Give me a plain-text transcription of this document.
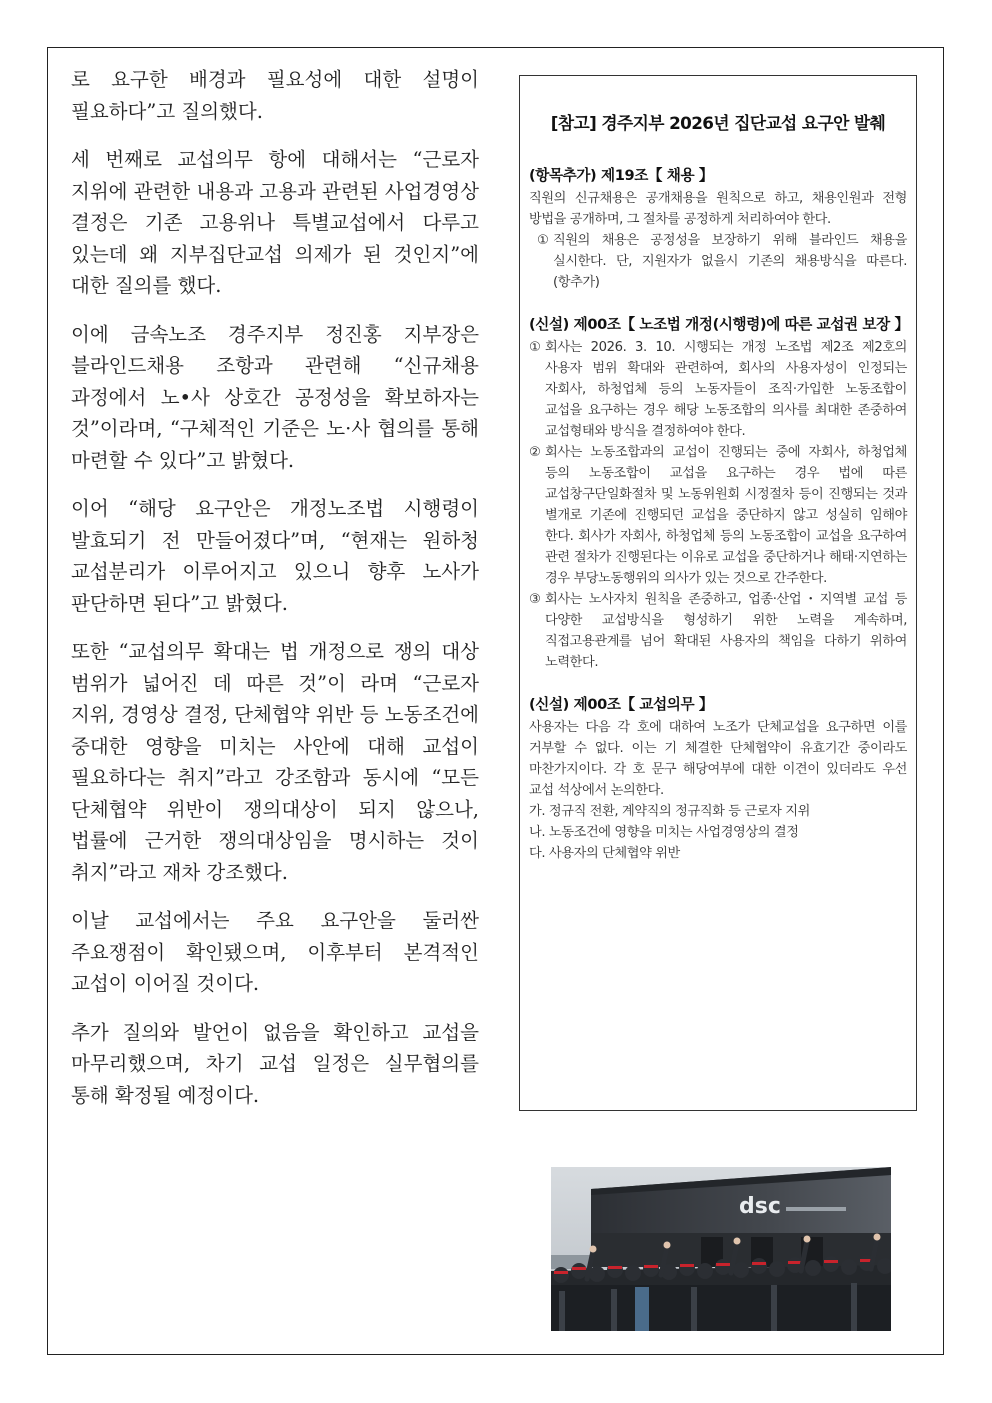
로 요구한 배경과 필요성에 대한 설명이 필요하다”고 질의했다.

세 번째로 교섭의무 항에 대해서는 “근로자 지위에 관련한 내용과 고용과 관련된 사업경영상 결정은 기존 고용위나 특별교섭에서 다루고 있는데 왜 지부집단교섭 의제가 된 것인지”에 대한 질의를 했다.

이에 금속노조 경주지부 정진홍 지부장은 블라인드채용 조항과 관련해 “신규채용 과정에서 노•사 상호간 공정성을 확보하자는 것”이라며, “구체적인 기준은 노·사 협의를 통해 마련할 수 있다”고 밝혔다.

이어 “해당 요구안은 개정노조법 시행령이 발효되기 전 만들어졌다”며, “현재는 원하청 교섭분리가 이루어지고 있으니 향후 노사가 판단하면 된다”고 밝혔다.

또한 “교섭의무 확대는 법 개정으로 쟁의 대상 범위가 넓어진 데 따른 것”이 라며 “근로자 지위, 경영상 결정, 단체협약 위반 등 노동조건에 중대한 영향을 미치는 사안에 대해 교섭이 필요하다는 취지”라고 강조함과 동시에 “모든 단체협약 위반이 쟁의대상이 되지 않으나, 법률에 근거한 쟁의대상임을 명시하는 것이 취지”라고 재차 강조했다.

이날 교섭에서는 주요 요구안을 둘러싼 주요쟁점이 확인됐으며, 이후부터 본격적인 교섭이 이어질 것이다.

추가 질의와 발언이 없음을 확인하고 교섭을 마무리했으며, 차기 교섭 일정은 실무협의를 통해 확정될 예정이다.

[참고] 경주지부 2026년 집단교섭 요구안 발췌

(항목추가) 제19조【 채용 】

직원의 신규채용은 공개채용을 원칙으로 하고, 채용인원과 전형 방법을 공개하며, 그 절차를 공정하게 처리하여야 한다.

① 직원의 채용은 공정성을 보장하기 위해 블라인드 채용을 실시한다. 단, 지원자가 없을시 기존의 채용방식을 따른다. (항추가)

(신설) 제00조【 노조법 개정(시행령)에 따른 교섭권 보장 】

① 회사는 2026. 3. 10. 시행되는 개정 노조법 제2조 제2호의 사용자 범위 확대와 관련하여, 회사의 사용자성이 인정되는 자회사, 하청업체 등의 노동자들이 조직·가입한 노동조합이 교섭을 요구하는 경우 해당 노동조합의 의사를 최대한 존중하여 교섭형태와 방식을 결정하여야 한다.
② 회사는 노동조합과의 교섭이 진행되는 중에 자회사, 하청업체 등의 노동조합이 교섭을 요구하는 경우 법에 따른 교섭창구단일화절차 및 노동위원회 시정절차 등이 진행되는 것과 별개로 기존에 진행되던 교섭을 중단하지 않고 성실히 임해야 한다. 회사가 자회사, 하청업체 등의 노동조합이 교섭을 요구하여 관련 절차가 진행된다는 이유로 교섭을 중단하거나 해태·지연하는 경우 부당노동행위의 의사가 있는 것으로 간주한다.
③ 회사는 노사자치 원칙을 존중하고, 업종·산업・지역별 교섭 등 다양한 교섭방식을 형성하기 위한 노력을 계속하며, 직접고용관계를 넘어 확대된 사용자의 책임을 다하기 위하여 노력한다.

(신설) 제00조【 교섭의무 】

사용자는 다음 각 호에 대하여 노조가 단체교섭을 요구하면 이를 거부할 수 없다. 이는 기 체결한 단체협약이 유효기간 중이라도 마찬가지이다. 각 호 문구 해당여부에 대한 이견이 있더라도 우선 교섭 석상에서 논의한다.

가. 정규직 전환, 계약직의 정규직화 등 근로자 지위

나. 노동조건에 영향을 미치는 사업경영상의 결정

다. 사용자의 단체협약 위반

dsc
